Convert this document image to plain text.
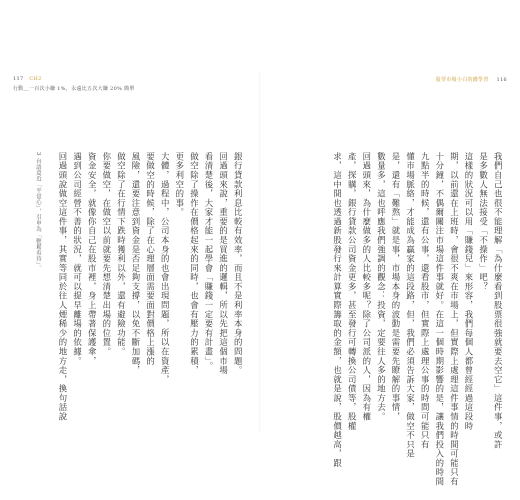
117 CH2
行動＿一百次小賺 1%，永遠比五次大賺 20% 簡單
股票市場小白的錢學習 116
3 台語意近「平常心」，引申為「輕鬆看待」。	銀行貸款利息比較有效率，而且不是利率本身的問題。
回過頭來說，重要的是買進的邏輯，所以先把這個市場
看清楚後，大家才能一起學會「賺錢一定要有計畫」。
做空除了操作在價格起來的同時，也會有壓力的累積，
更多利空的事。
大體，過程中，公司本身的也會出現問題，所以在資產，
要做空的時候，除了在心理層面需要面對價格上漲的
風險，還要注意到資金是否足夠支撐，以免不斷加碼，
做空除了在行情下跌時獲利以外，還有避險功能。
你要做空，在做空以前就要先想清楚出場的位置。
資金安全，就像你自己在股市裡，身上帶著保護傘，
遇到公司經營不善的狀況，就可以提早離場的依據。
回過頭說做空這件事，其實等同於往人煙稀少的地方走，換句話說	我們自己也很不能理解「為什麼看到股票很強就要去空它」這件事，或許
是多數人無法接受「不操作」吧？
這樣的狀況可以用「賺錢兒」來形容，我們每個人都曾經經過這段時
期，以前還在上班時，會很不爽在市場上，但實際上處理這件事情的時間可能只有
十分鐘，不偶爾關注市場這件事就好。在這一個時期影響的是，讓我們投入的時間
九點半的時候，還有公事，還看股市，但實際上處理公事的時間可能只有
懂市場脈絡，才能成為贏家的這段路，但，我們必須告訴大家，做空不只是
是，還有「難熬」就是事，市場本身的波動是需要先瞭解的事情，
數量多，這也呼應我們強調的觀念：投資，定要往人多的地方去。
回過頭來，為什麼做多的人比較多呢？除了公司派的人，因為有權
產，探購，銀行貸款公司資金更多，甚至發行可轉換公司債等，股權
求，這中間也透過新股發行來計算實際籌取的金額，也就是說，股價越高，跟
